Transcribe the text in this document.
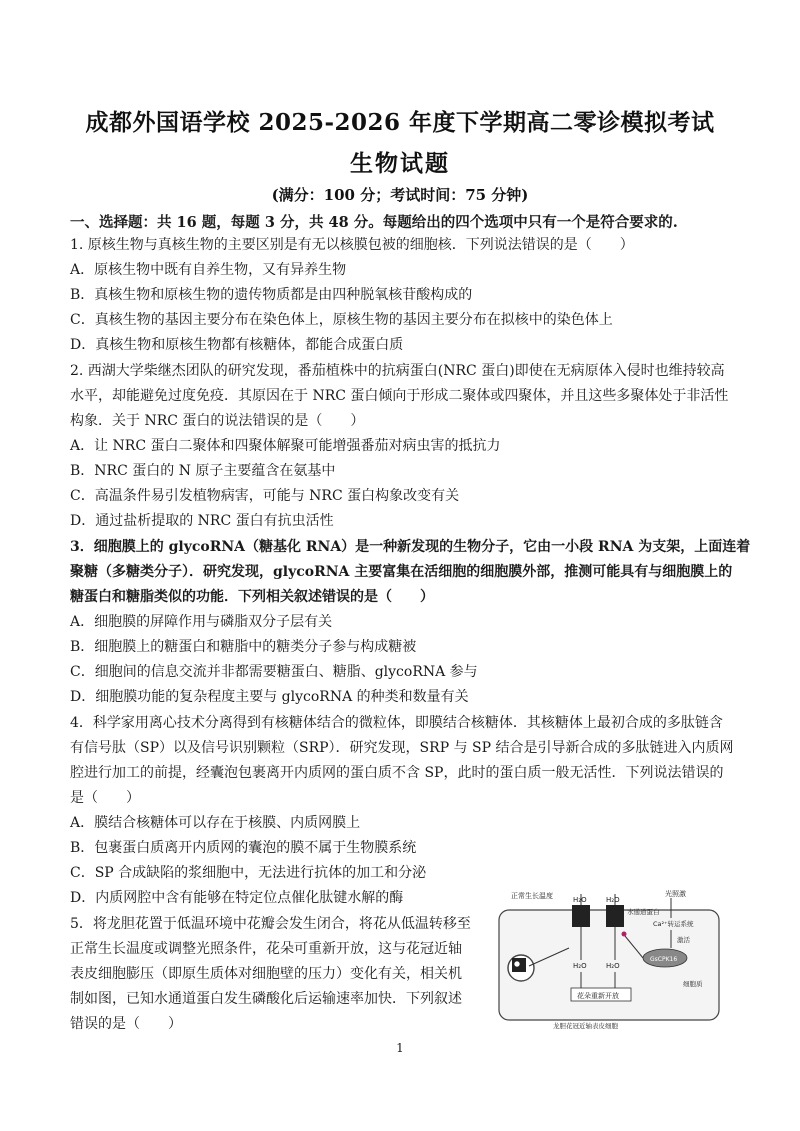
成都外国语学校 2025-2026 年度下学期高二零诊模拟考试
生物试题
(满分：100 分；考试时间：75 分钟)
一、选择题：共 16 题，每题 3 分，共 48 分。每题给出的四个选项中只有一个是符合要求的.
1. 原核生物与真核生物的主要区别是有无以核膜包被的细胞核．下列说法错误的是（　　）
A．原核生物中既有自养生物，又有异养生物
B．真核生物和原核生物的遗传物质都是由四种脱氧核苷酸构成的
C．真核生物的基因主要分布在染色体上，原核生物的基因主要分布在拟核中的染色体上
D．真核生物和原核生物都有核糖体，都能合成蛋白质
2. 西湖大学柴继杰团队的研究发现，番茄植株中的抗病蛋白(NRC 蛋白)即使在无病原体入侵时也维持较高
水平，却能避免过度免疫．其原因在于 NRC 蛋白倾向于形成二聚体或四聚体，并且这些多聚体处于非活性
构象．关于 NRC 蛋白的说法错误的是（　　）
A．让 NRC 蛋白二聚体和四聚体解聚可能增强番茄对病虫害的抵抗力
B．NRC 蛋白的 N 原子主要蕴含在氨基中
C．高温条件易引发植物病害，可能与 NRC 蛋白构象改变有关
D．通过盐析提取的 NRC 蛋白有抗虫活性
3．细胞膜上的 glycoRNA（糖基化 RNA）是一种新发现的生物分子，它由一小段 RNA 为支架，上面连着
聚糖（多糖类分子）．研究发现，glycoRNA 主要富集在活细胞的细胞膜外部，推测可能具有与细胞膜上的
糖蛋白和糖脂类似的功能．下列相关叙述错误的是（　　）
A．细胞膜的屏障作用与磷脂双分子层有关
B．细胞膜上的糖蛋白和糖脂中的糖类分子参与构成糖被
C．细胞间的信息交流并非都需要糖蛋白、糖脂、glycoRNA 参与
D．细胞膜功能的复杂程度主要与 glycoRNA 的种类和数量有关
4．科学家用离心技术分离得到有核糖体结合的微粒体，即膜结合核糖体．其核糖体上最初合成的多肽链含
有信号肽（SP）以及信号识别颗粒（SRP）．研究发现，SRP 与 SP 结合是引导新合成的多肽链进入内质网
腔进行加工的前提，经囊泡包裹离开内质网的蛋白质不含 SP，此时的蛋白质一般无活性．下列说法错误的
是（　　）
A．膜结合核糖体可以存在于核膜、内质网膜上
B．包裹蛋白质离开内质网的囊泡的膜不属于生物膜系统
C．SP 合成缺陷的浆细胞中，无法进行抗体的加工和分泌
D．内质网腔中含有能够在特定位点催化肽键水解的酶
5．将龙胆花置于低温环境中花瓣会发生闭合，将花从低温转移至
正常生长温度或调整光照条件，花朵可重新开放，这与花冠近轴
表皮细胞膨压（即原生质体对细胞壁的压力）变化有关，相关机
制如图，已知水通道蛋白发生磷酸化后运输速率加快．下列叙述
错误的是（　　）
正常生长温度	光照激
H₂O	H₂O
水通道蛋白
Ca²⁺转运系统
激活
GsCPK16
H₂O	H₂O
花朵重新开放
细胞质
龙胆花冠近轴表皮细胞
1
